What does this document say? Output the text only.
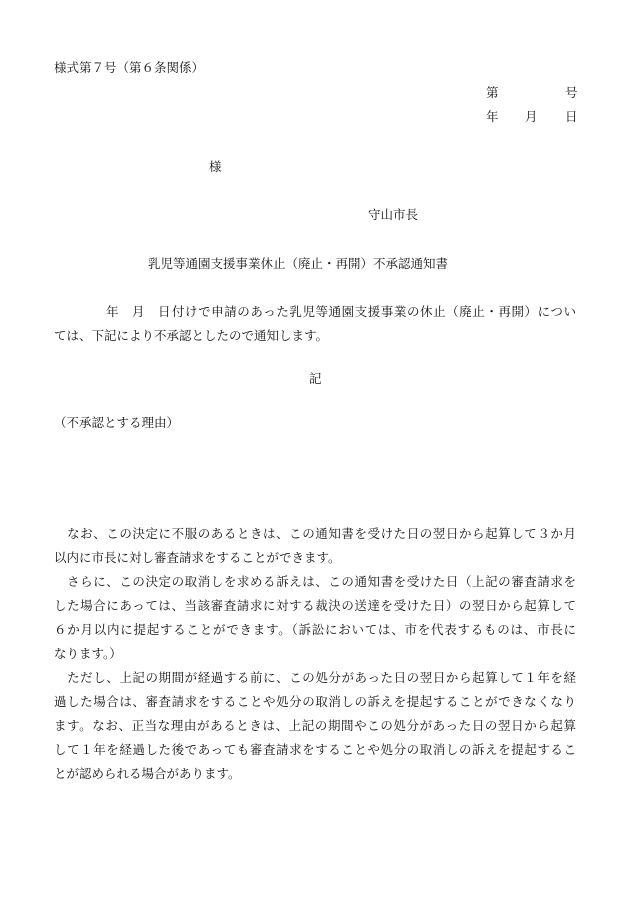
様式第７号（第６条関係）
第	号
年 月 日
様
守山市長
乳児等通園支援事業休止（廃止・再開）不承認通知書
年 月 日 付けで申請のあった乳児等通園支援事業の休止（廃止・再開）につい
ては、下記により不承認としたので通知します。
記
（不承認とする理由）
　なお、この決定に不服のあるときは、この通知書を受けた日の翌日から起算して３か月
以内に市長に対し審査請求をすることができます。
　さらに、この決定の取消しを求める訴えは、この通知書を受けた日（上記の審査請求を
した場合にあっては、当該審査請求に対する裁決の送達を受けた日）の翌日から起算して
６か月以内に提起することができます。（訴訟においては、市を代表するものは、市長に
なります。）
　ただし、上記の期間が経過する前に、この処分があった日の翌日から起算して１年を経
過した場合は、審査請求をすることや処分の取消しの訴えを提起することができなくなり
ます。なお、正当な理由があるときは、上記の期間やこの処分があった日の翌日から起算
して１年を経過した後であっても審査請求をすることや処分の取消しの訴えを提起するこ
とが認められる場合があります。
